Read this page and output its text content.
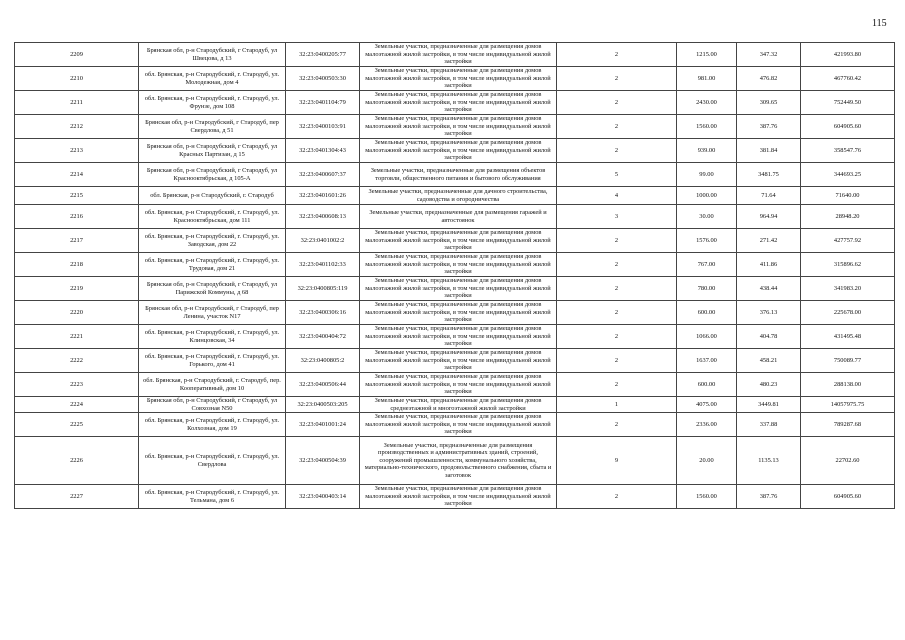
115
2209	Брянская обл, р-н Стародубский, г Стародуб, ул Швецова, д 13	32:23:0400205:77	Земельные участки, предназначенные для размещения домов малоэтажной жилой застройки, в том числе индивидуальной жилой застройки	2	1215.00	347.32	421993.80
2210	обл. Брянская, р-н Стародубский, г. Стародуб, ул. Молодежная, дом 4	32:23:0400503:30	Земельные участки, предназначенные для размещения домов малоэтажной жилой застройки, в том числе индивидуальной жилой застройки	2	981.00	476.82	467760.42
2211	обл. Брянская, р-н Стародубский, г. Стародуб, ул. Фрунзе, дом 108	32:23:0401104:79	Земельные участки, предназначенные для размещения домов малоэтажной жилой застройки, в том числе индивидуальной жилой застройки	2	2430.00	309.65	752449.50
2212	Брянская обл, р-н Стародубский, г Стародуб, пер Свердлова, д 51	32:23:0400103:91	Земельные участки, предназначенные для размещения домов малоэтажной жилой застройки, в том числе индивидуальной жилой застройки	2	1560.00	387.76	604905.60
2213	Брянская обл, р-н Стародубский, г Стародуб, ул Красных Партизан, д 15	32:23:0401304:43	Земельные участки, предназначенные для размещения домов малоэтажной жилой застройки, в том числе индивидуальной жилой застройки	2	939.00	381.84	358547.76
2214	Брянская обл, р-н Стародубский, г Стародуб, ул Краснооктябрьская, д 105-А	32:23:0400607:37	Земельные участки, предназначенные для размещения объектов торговли, общественного питания и бытового обслуживания	5	99.00	3481.75	344693.25
2215	обл. Брянская, р-н Стародубский, г. Стародуб	32:23:0401601:26	Земельные участки, предназначенные для дачного строительства, садоводства и огородничества	4	1000.00	71.64	71640.00
2216	обл. Брянская, р-н Стародубский, г. Стародуб, ул. Краснооктябрьская, дом 111	32:23:0400608:13	Земельные участки, предназначенные для размещения гаражей и автостоянок	3	30.00	964.94	28948.20
2217	обл. Брянская, р-н Стародубский, г. Стародуб, ул. Заводская, дом 22	32:23:0401002:2	Земельные участки, предназначенные для размещения домов малоэтажной жилой застройки, в том числе индивидуальной жилой застройки	2	1576.00	271.42	427757.92
2218	обл. Брянская, р-н Стародубский, г. Стародуб, ул. Трудовая, дом 21	32:23:0401102:33	Земельные участки, предназначенные для размещения домов малоэтажной жилой застройки, в том числе индивидуальной жилой застройки	2	767.00	411.86	315896.62
2219	Брянская обл, р-н Стародубский, г Стародуб, ул Парижской Коммуны, д 68	32:23:0400805:119	Земельные участки, предназначенные для размещения домов малоэтажной жилой застройки, в том числе индивидуальной жилой застройки	2	780.00	438.44	341983.20
2220	Брянская обл, р-н Стародубский, г Стародуб, пер Ленина, участок N17	32:23:0400306:16	Земельные участки, предназначенные для размещения домов малоэтажной жилой застройки, в том числе индивидуальной жилой застройки	2	600.00	376.13	225678.00
2221	обл. Брянская, р-н Стародубский, г. Стародуб, ул. Клинцовская, 34	32:23:0400404:72	Земельные участки, предназначенные для размещения домов малоэтажной жилой застройки, в том числе индивидуальной жилой застройки	2	1066.00	404.78	431495.48
2222	обл. Брянская, р-н Стародубский, г. Стародуб, ул. Горького, дом 41	32:23:0400805:2	Земельные участки, предназначенные для размещения домов малоэтажной жилой застройки, в том числе индивидуальной жилой застройки	2	1637.00	458.21	750089.77
2223	обл. Брянская, р-н Стародубский, г. Стародуб, пер. Кооперативный, дом 10	32:23:0400506:44	Земельные участки, предназначенные для размещения домов малоэтажной жилой застройки, в том числе индивидуальной жилой застройки	2	600.00	480.23	288138.00
2224	Брянская обл, р-н Стародубский, г Стародуб, ул Совхозная N50	32:23:0400503:205	Земельные участки, предназначенные для размещения домов среднеэтажной и многоэтажной жилой застройки	1	4075.00	3449.81	14057975.75
2225	обл. Брянская, р-н Стародубский, г. Стародуб, ул. Колхозная, дом 19	32:23:0401001:24	Земельные участки, предназначенные для размещения домов малоэтажной жилой застройки, в том числе индивидуальной жилой застройки	2	2336.00	337.88	789287.68
2226	обл. Брянская, р-н Стародубский, г. Стародуб, ул. Свердлова	32:23:0400504:39	Земельные участки, предназначенные для размещения производственных и административных зданий, строений, сооружений промышленности, коммунального хозяйства, материально-технического, продовольственного снабжения, сбыта и заготовок	9	20.00	1135.13	22702.60
2227	обл. Брянская, р-н Стародубский, г. Стародуб, ул. Тельмана, дом 6	32:23:0400403:14	Земельные участки, предназначенные для размещения домов малоэтажной жилой застройки, в том числе индивидуальной жилой застройки	2	1560.00	387.76	604905.60
